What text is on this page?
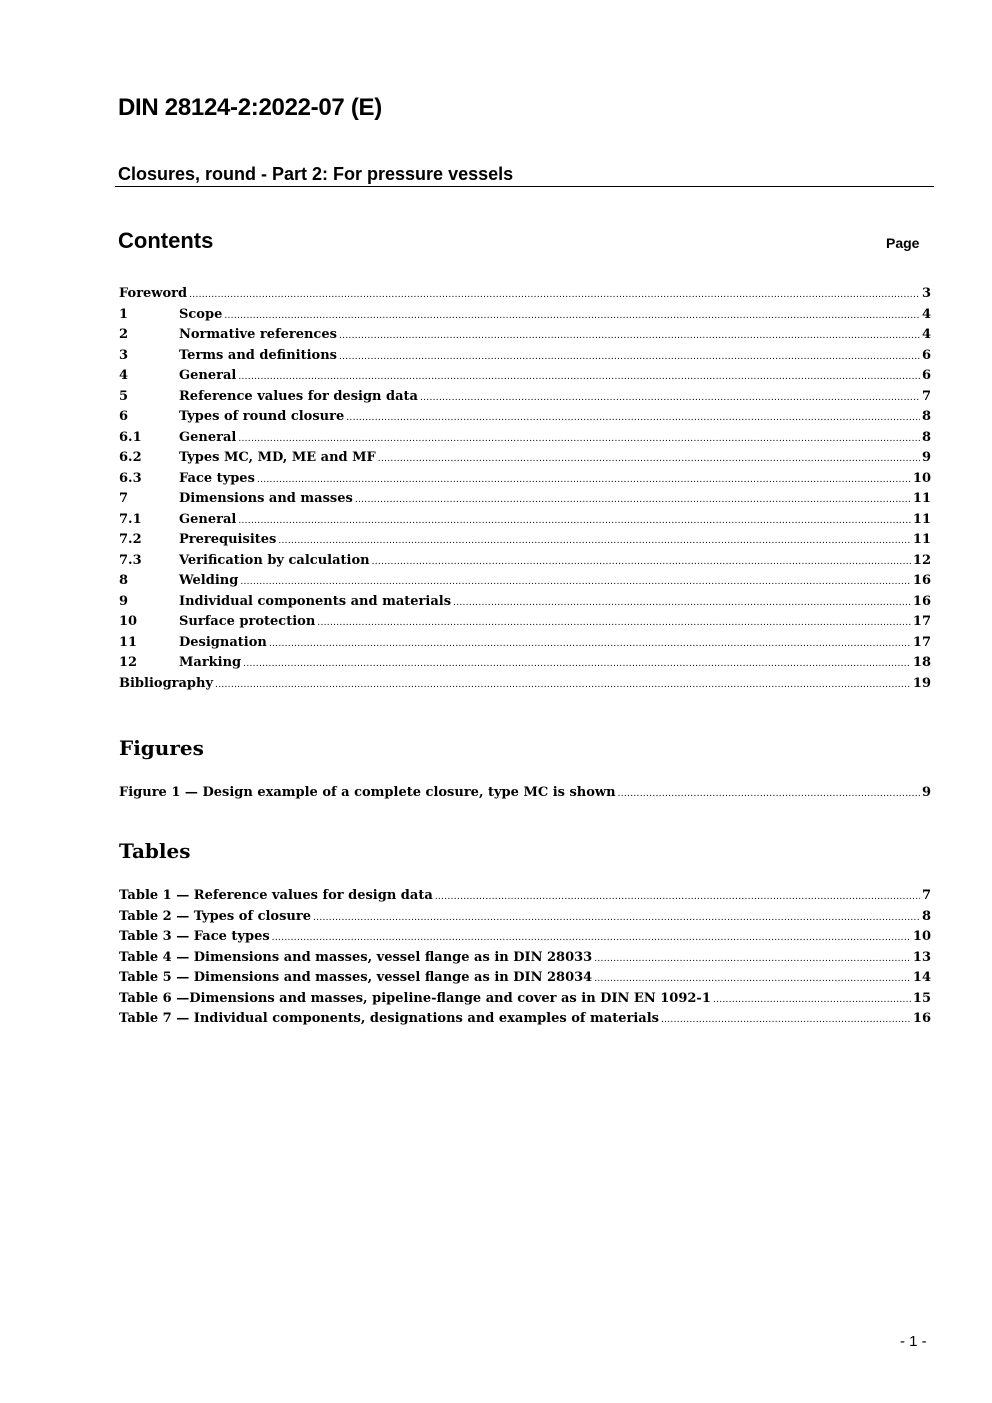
DIN 28124-2:2022-07 (E)
Closures, round - Part 2: For pressure vessels
Contents	Page
Foreword .....	3
1	Scope .....	4
2	Normative references .....	4
3	Terms and definitions .....	6
4	General .....	6
5	Reference values for design data .....	7
6	Types of round closure .....	8
6.1	General .....	8
6.2	Types MC, MD, ME and MF .....	9
6.3	Face types .....	10
7	Dimensions and masses .....	11
7.1	General .....	11
7.2	Prerequisites .....	11
7.3	Verification by calculation .....	12
8	Welding .....	16
9	Individual components and materials .....	16
10	Surface protection .....	17
11	Designation .....	17
12	Marking .....	18
Bibliography .....	19
Figures
Figure 1 — Design example of a complete closure, type MC is shown .....	9
Tables
Table 1 — Reference values for design data .....	7
Table 2 — Types of closure .....	8
Table 3 — Face types .....	10
Table 4 — Dimensions and masses, vessel flange as in DIN 28033 .....	13
Table 5 — Dimensions and masses, vessel flange as in DIN 28034 .....	14
Table 6 —Dimensions and masses, pipeline-flange and cover as in DIN EN 1092-1 .....	15
Table 7 — Individual components, designations and examples of materials .....	16
- 1 -
